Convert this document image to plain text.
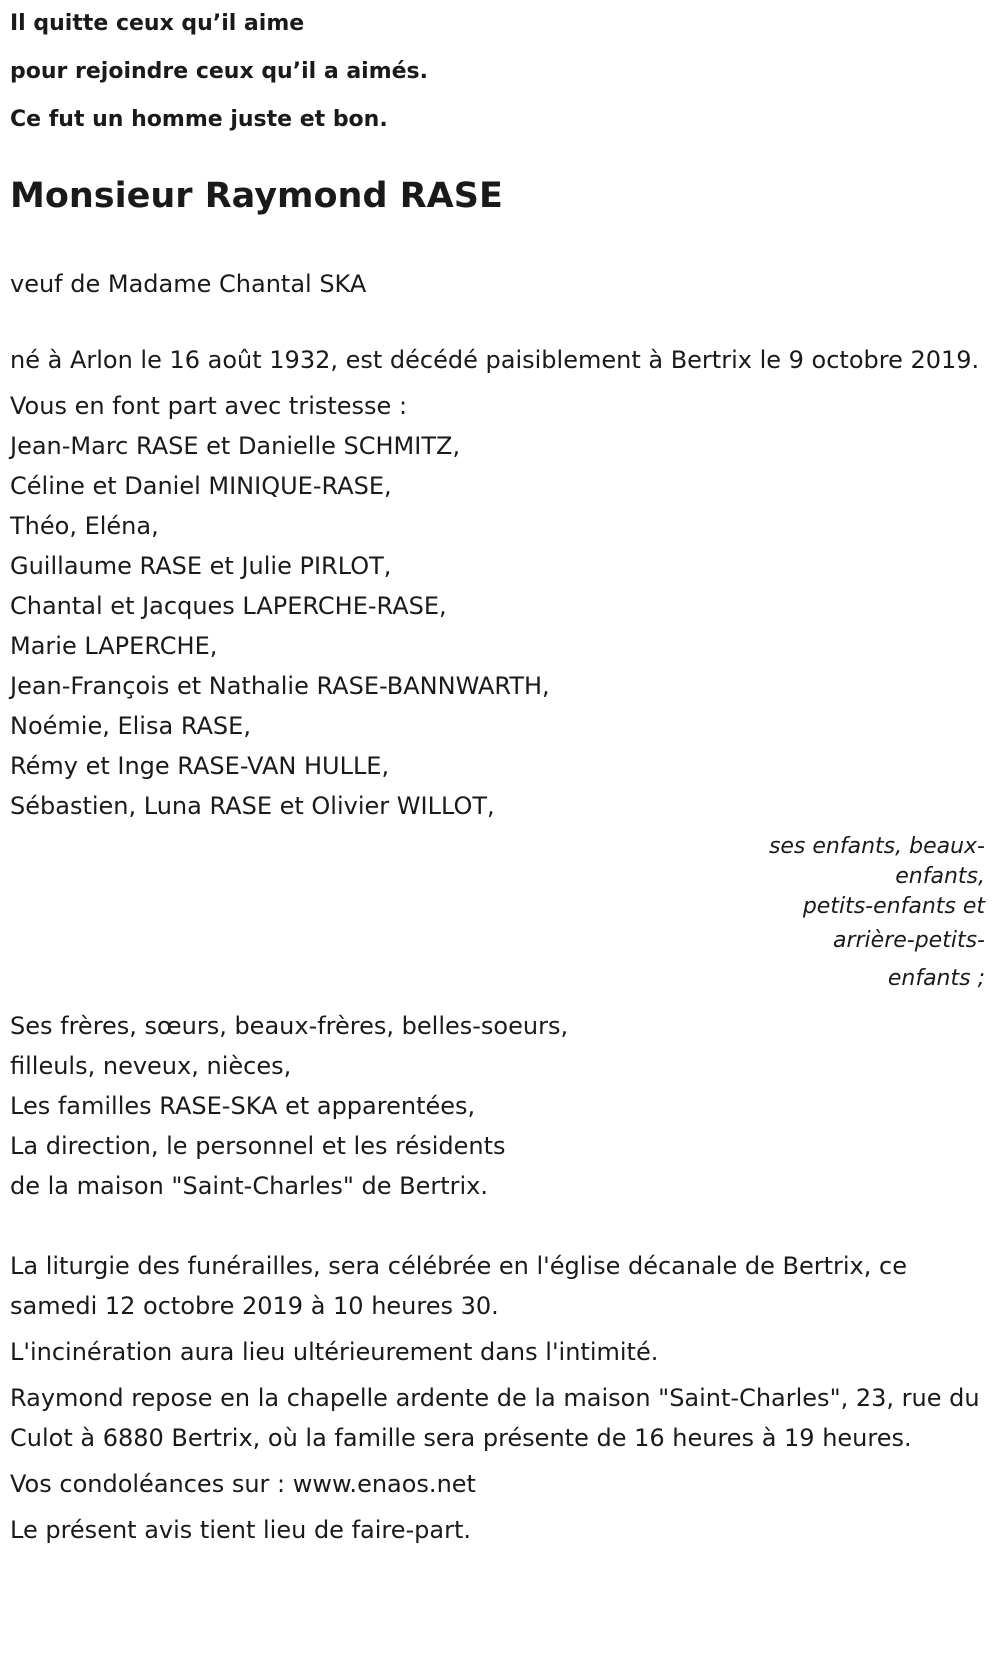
Il quitte ceux qu’il aime

pour rejoindre ceux qu’il a aimés.

Ce fut un homme juste et bon.

Monsieur Raymond RASE

veuf de Madame Chantal SKA

né à Arlon le 16 août 1932, est décédé paisiblement à Bertrix le 9 octobre 2019.

Vous en font part avec tristesse :

Jean-Marc RASE et Danielle SCHMITZ,

Céline et Daniel MINIQUE-RASE,

Théo, Eléna,

Guillaume RASE et Julie PIRLOT,

Chantal et Jacques LAPERCHE-RASE,

Marie LAPERCHE,

Jean-François et Nathalie RASE-BANNWARTH,

Noémie, Elisa RASE,

Rémy et Inge RASE-VAN HULLE,

Sébastien, Luna RASE et Olivier WILLOT,

ses enfants, beaux-
enfants,
petits-enfants et
arrière-petits-
enfants ;

Ses frères, sœurs, beaux-frères, belles-soeurs,

filleuls, neveux, nièces,

Les familles RASE-SKA et apparentées,

La direction, le personnel et les résidents

de la maison "Saint-Charles" de Bertrix.

La liturgie des funérailles, sera célébrée en l'église décanale de Bertrix, ce samedi 12 octobre 2019 à 10 heures 30.

L'incinération aura lieu ultérieurement dans l'intimité.

Raymond repose en la chapelle ardente de la maison "Saint-Charles", 23, rue du Culot à 6880 Bertrix, où la famille sera présente de 16 heures à 19 heures.

Vos condoléances sur : www.enaos.net

Le présent avis tient lieu de faire-part.
